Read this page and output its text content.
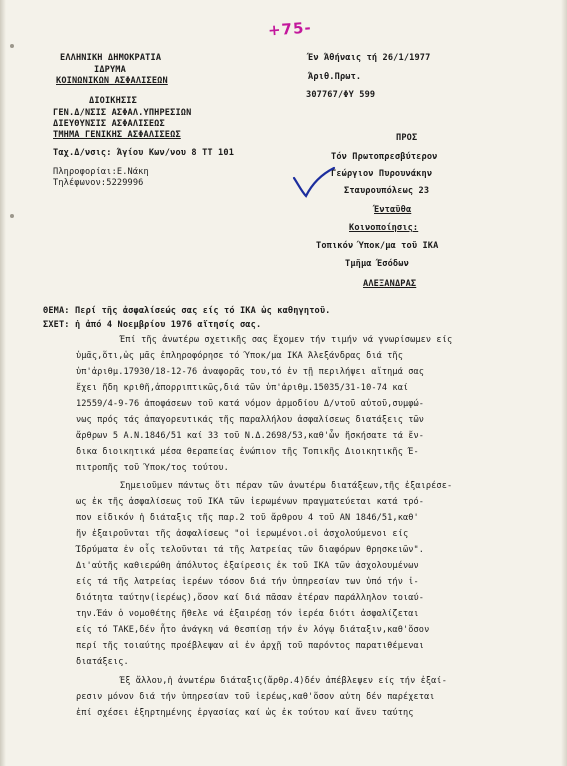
+75-
ΕΛΛΗΝΙΚΗ ΔΗΜΟΚΡΑΤΙΑ
ΙΔΡΥΜΑ
ΚΟΙΝΩΝΙΚΩΝ ΑΣΦΑΛΙΣΕΩΝ
ΔΙΟΙΚΗΣΙΣ
ΓΕΝ.Δ/ΝΣΙΣ ΑΣΦΑΛ.ΥΠΗΡΕΣΙΩΝ
ΔΙΕΥΘΥΝΣΙΣ ΑΣΦΑΛΙΣΕΩΣ
ΤΜΗΜΑ ΓΕΝΙΚΗΣ ΑΣΦΑΛΙΣΕΩΣ
Ταχ.Δ/νσις: Άγίου Κων/νου 8 ΤΤ 101
Πληροφορίαι:Ε.Νάκη
Τηλέφωνον:5229996
Έν Άθήναις τή 26/1/1977
Άριθ.Πρωτ.
307767/ΦΥ 599
ΠΡΟΣ
Τόν Πρωτοπρεσβύτερον
Γεώργιον Πυρουνάκην
Σταυρουπόλεως 23
Ένταῦθα
Κοινοποίησις:
Τοπικόν Ύποκ/μα τοῦ ΙΚΑ
Τμῆμα Έσόδων
ΑΛΕΞΑΝΔΡΑΣ
ΘΕΜΑ: Περί τῆς ἀσφαλίσεώς σας είς τό ΙΚΑ ὡς καθηγητοῦ.
ΣΧΕΤ: ἡ ἀπό 4 Νοεμβρίου 1976 αἴτησίς σας.
Έπί τῆς ἀνωτέρω σχετικῆς σας ἔχομεν τήν τιμήν νά γνωρίσωμεν είς
ὑμᾶς,ὅτι,ὡς μᾶς ἐπληροφόρησε τό Ύποκ/μα ΙΚΑ Άλεξάνδρας διά τῆς
ὑπ'ἀριθμ.17930/18-12-76 ἀναφορᾶς του,τό ἐν τῇ περιλήψει αἴτημά σας
ἔχει ἤδη κριθῆ,ἀπορριπτικῶς,διά τῶν ὑπ'ἀριθμ.15035/31-10-74 καί
12559/4-9-76 ἀποφάσεων τοῦ κατά νόμον ἁρμοδίου Δ/ντοῦ αὐτοῦ,συμφώ-
νως πρός τάς ἀπαγορευτικάς τῆς παραλλήλου ἀσφαλίσεως διατάξεις τῶν
ἄρθρων 5 Α.Ν.1846/51 καί 33 τοῦ Ν.Δ.2698/53,καθ'ὧν ἤσκήσατε τά ἔν-
δικα διοικητικά μέσα θεραπείας ἐνώπιον τῆς Τοπικῆς Διοικητικῆς Έ-
πιτροπῆς τοῦ Ύποκ/τος τούτου.
Σημειοῦμεν πάντως ὅτι πέραν τῶν ἀνωτέρω διατάξεων,τῆς ἐξαιρέσε-
ως ἐκ τῆς ἀσφαλίσεως τοῦ ΙΚΑ τῶν ἱερωμένων πραγματεύεται κατά τρό-
πον εἰδικόν ἡ διάταξις τῆς παρ.2 τοῦ ἄρθρου 4 τοῦ ΑΝ 1846/51,καθ'
ἥν ἐξαιροῦνται τῆς ἀσφαλίσεως "οἱ ἱερωμένοι.οἱ ἀσχολούμενοι είς
Ίδρύματα ἐν οἷς τελοῦνται τά τῆς λατρείας τῶν διαφόρων θρησκειῶν".
Δι'αὐτῆς καθιερώθη ἀπόλυτος ἐξαίρεσις ἐκ τοῦ ΙΚΑ τῶν ἀσχολουμένων
είς τά τῆς λατρείας ἱερέων τόσον διά τήν ὑπηρεσίαν των ὑπό τήν ἰ-
διότητα ταύτην(ἱερέως),ὅσον καί διά πᾶσαν ἑτέραν παράλληλον τοιαύ-
την.Έάν ὁ νομοθέτης ἤθελε νά ἐξαιρέσῃ τόν ἱερέα διότι ἀσφαλίζεται
είς τό ΤΑΚΕ,δέν ἦτο ἀνάγκη νά θεσπίσῃ τήν ἐν λόγῳ διάταξιν,καθ'ὅσον
περί τῆς τοιαύτης προέβλεψαν αἱ ἐν ἀρχῇ τοῦ παρόντος παρατιθέμεναι
διατάξεις.
Έξ ἄλλου,ἡ ἀνωτέρω διάταξις(ἄρθρ.4)δέν ἀπέβλεψεν είς τήν ἐξαί-
ρεσιν μόνον διά τήν ὑπηρεσίαν τοῦ ἱερέως,καθ'ὅσον αὐτη δέν παρέχεται
ἐπί σχέσει ἐξηρτημένης ἐργασίας καί ὡς ἐκ τούτου καί ἄνευ ταύτης
